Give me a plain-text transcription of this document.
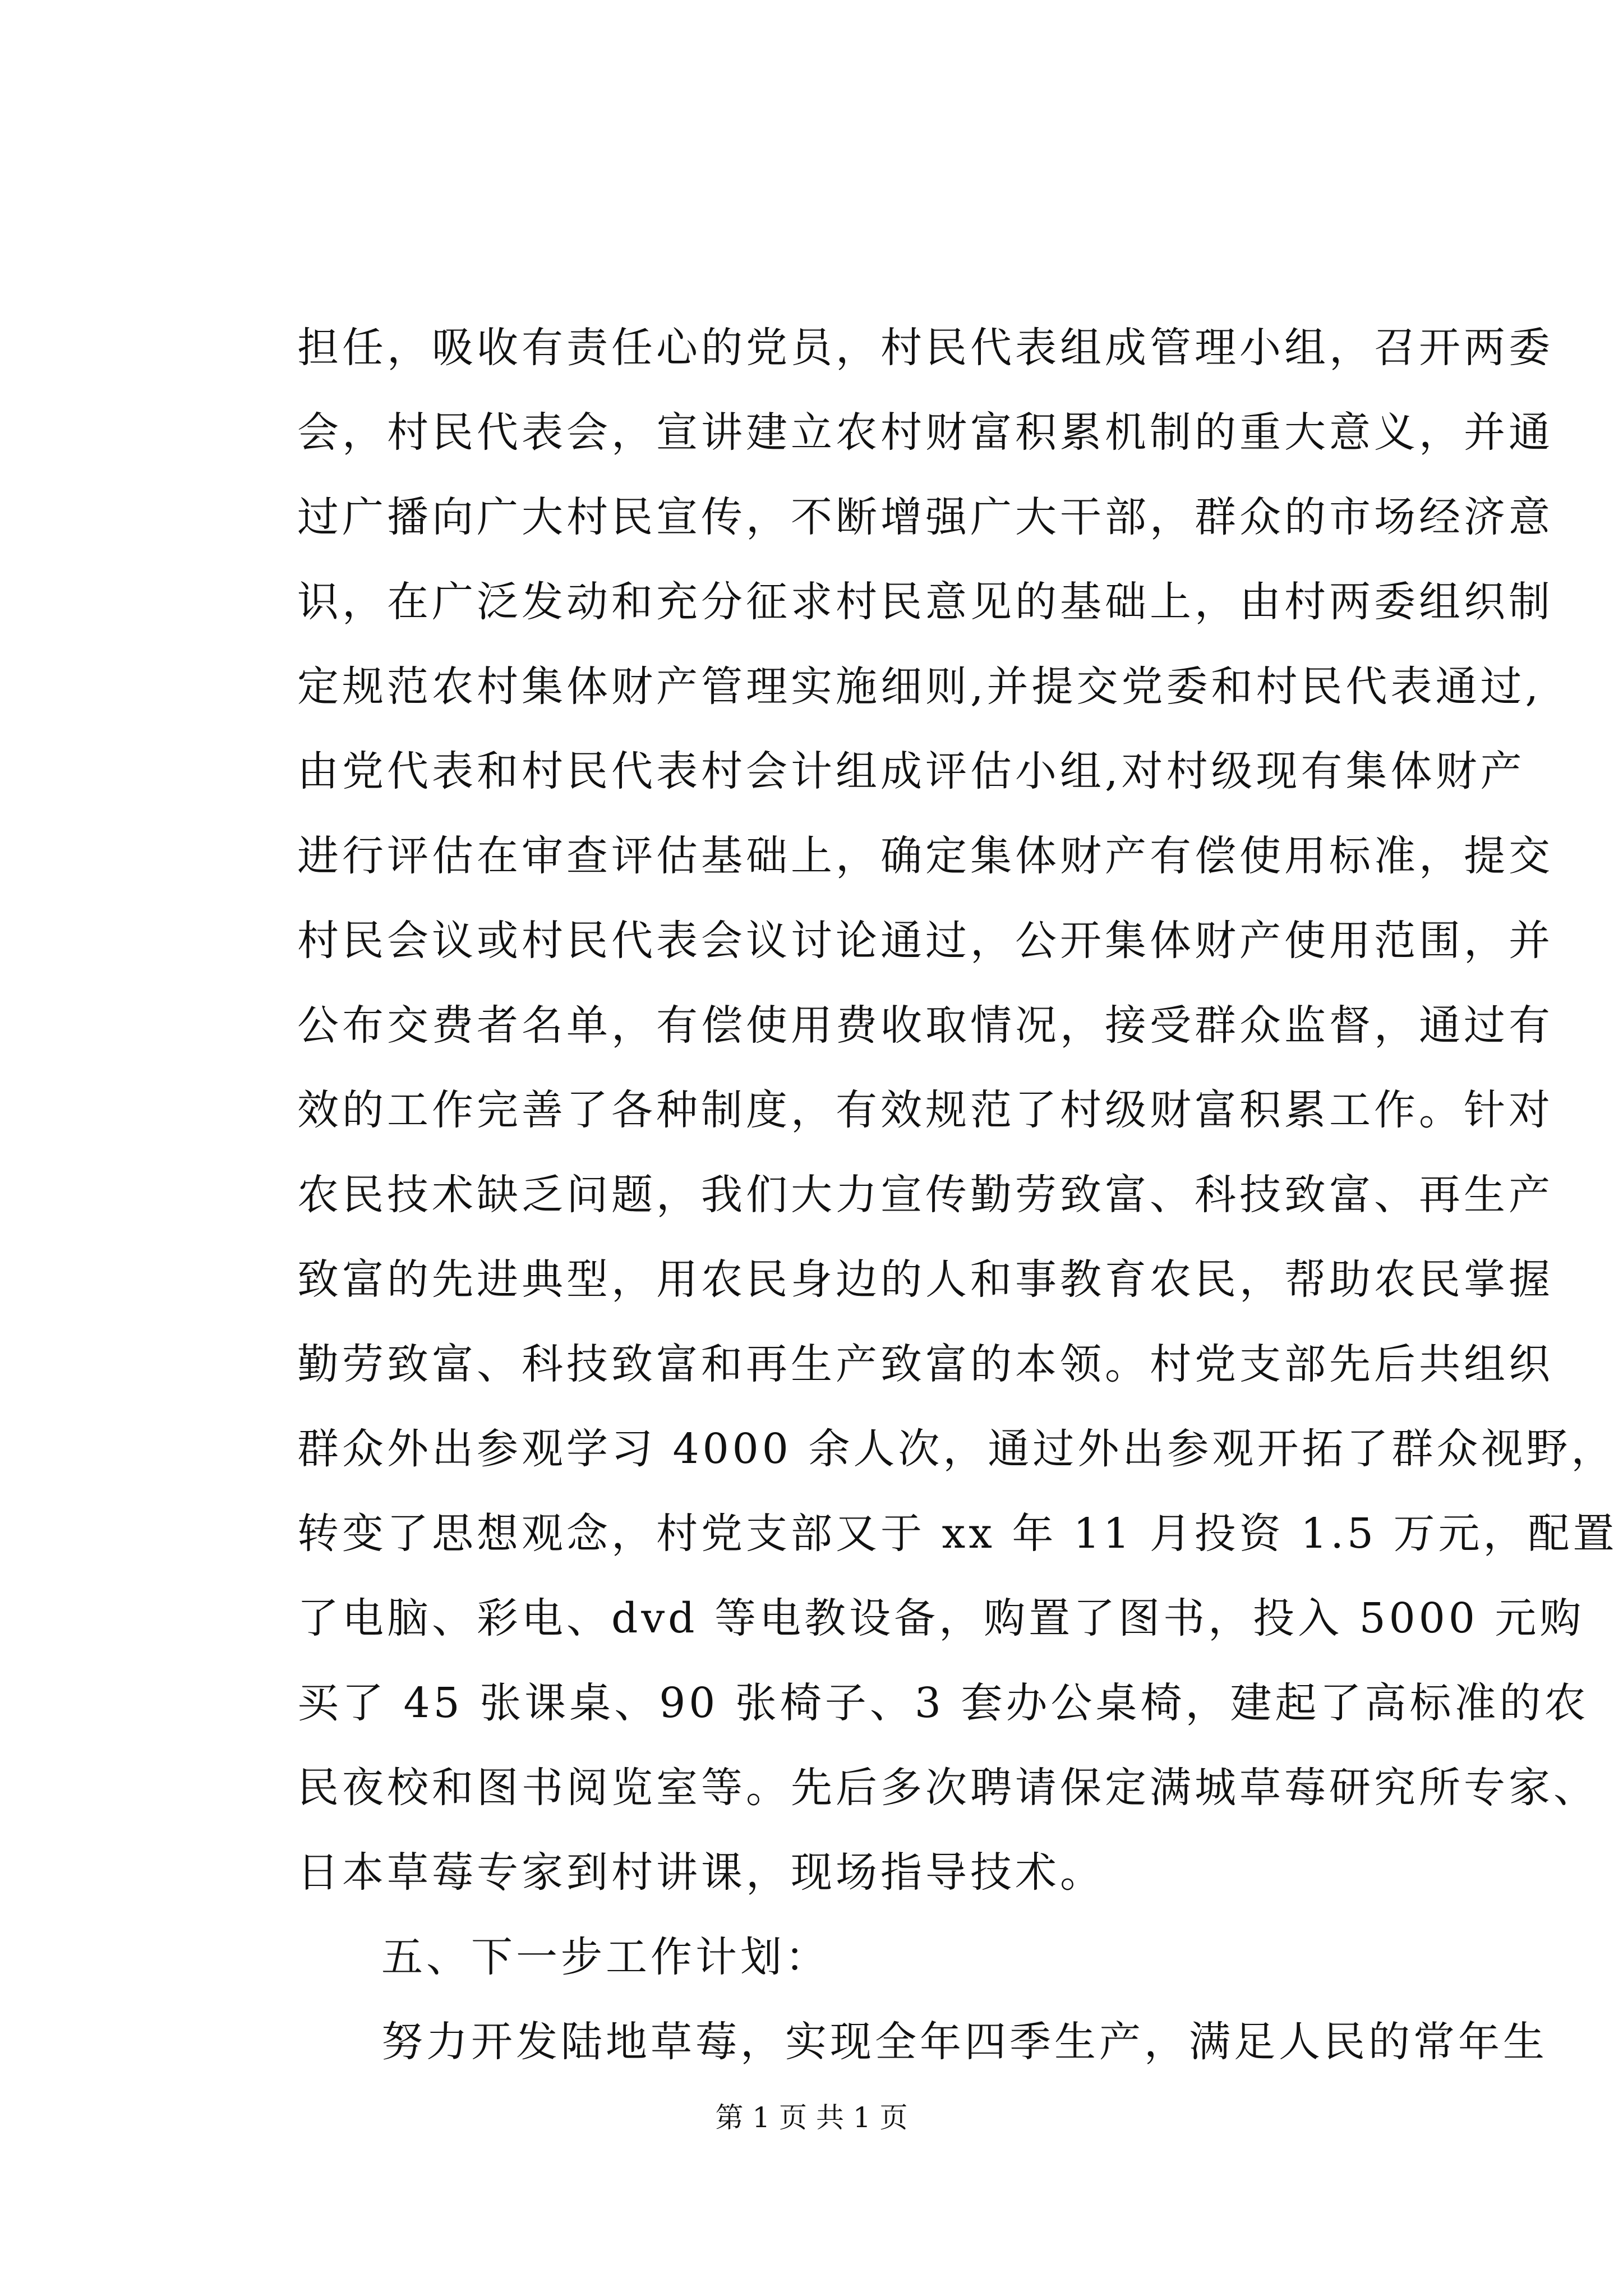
担任，吸收有责任心的党员，村民代表组成管理小组，召开两委
会，村民代表会，宣讲建立农村财富积累机制的重大意义，并通
过广播向广大村民宣传，不断增强广大干部，群众的市场经济意
识，在广泛发动和充分征求村民意见的基础上，由村两委组织制
定规范农村集体财产管理实施细则,并提交党委和村民代表通过,
由党代表和村民代表村会计组成评估小组,对村级现有集体财产
进行评估在审查评估基础上，确定集体财产有偿使用标准，提交
村民会议或村民代表会议讨论通过，公开集体财产使用范围，并
公布交费者名单，有偿使用费收取情况，接受群众监督，通过有
效的工作完善了各种制度，有效规范了村级财富积累工作。针对
农民技术缺乏问题，我们大力宣传勤劳致富、科技致富、再生产
致富的先进典型，用农民身边的人和事教育农民，帮助农民掌握
勤劳致富、科技致富和再生产致富的本领。村党支部先后共组织
群众外出参观学习 4000 余人次，通过外出参观开拓了群众视野，
转变了思想观念，村党支部又于 xx 年 11 月投资 1.5 万元，配置
了电脑、彩电、dvd 等电教设备，购置了图书，投入 5000 元购
买了 45 张课桌、90 张椅子、3 套办公桌椅，建起了高标准的农
民夜校和图书阅览室等。先后多次聘请保定满城草莓研究所专家、
日本草莓专家到村讲课，现场指导技术。
五、下一步工作计划：
努力开发陆地草莓，实现全年四季生产，满足人民的常年生
第 1 页 共 1 页
